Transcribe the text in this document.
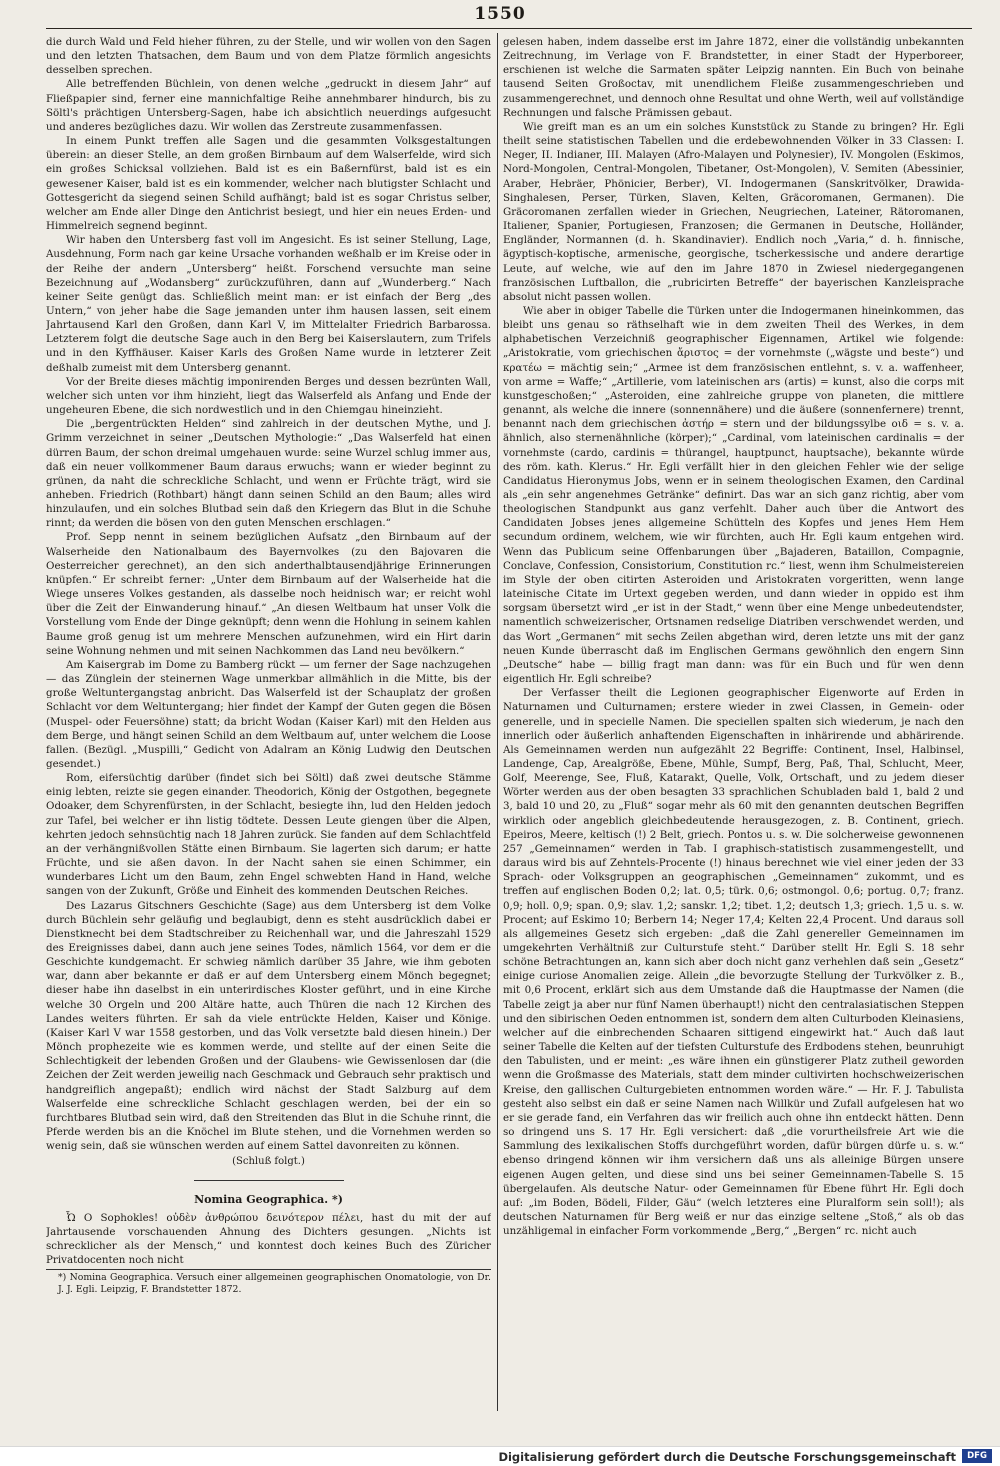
1550

die durch Wald und Feld hieher führen, zu der Stelle, und wir wollen von den Sagen und den letzten Thatsachen, dem Baum und von dem Platze förmlich angesichts desselben sprechen.

Alle betreffenden Büchlein, von denen welche „gedruckt in diesem Jahr“ auf Fließpapier sind, ferner eine mannichfaltige Reihe annehmbarer hindurch, bis zu Söltl's prächtigen Untersberg-Sagen, habe ich absichtlich neuerdings aufgesucht und anderes bezügliches dazu. Wir wollen das Zerstreute zusammenfassen.

In einem Punkt treffen alle Sagen und die gesammten Volksgestaltungen überein: an dieser Stelle, an dem großen Birnbaum auf dem Walserfelde, wird sich ein großes Schicksal vollziehen. Bald ist es ein Baßernfürst, bald ist es ein gewesener Kaiser, bald ist es ein kommender, welcher nach blutigster Schlacht und Gottesgericht da siegend seinen Schild aufhängt; bald ist es sogar Christus selber, welcher am Ende aller Dinge den Antichrist besiegt, und hier ein neues Erden- und Himmelreich segnend beginnt.

Wir haben den Untersberg fast voll im Angesicht. Es ist seiner Stellung, Lage, Ausdehnung, Form nach gar keine Ursache vorhanden weßhalb er im Kreise oder in der Reihe der andern „Untersberg“ heißt. Forschend versuchte man seine Bezeichnung auf „Wodansberg“ zurückzuführen, dann auf „Wunderberg.“ Nach keiner Seite genügt das. Schließlich meint man: er ist einfach der Berg „des Untern,“ von jeher habe die Sage jemanden unter ihm hausen lassen, seit einem Jahrtausend Karl den Großen, dann Karl V, im Mittelalter Friedrich Barbarossa. Letzterem folgt die deutsche Sage auch in den Berg bei Kaiserslautern, zum Trifels und in den Kyffhäuser. Kaiser Karls des Großen Name wurde in letzterer Zeit deßhalb zumeist mit dem Untersberg genannt.

Vor der Breite dieses mächtig imponirenden Berges und dessen bezrünten Wall, welcher sich unten vor ihm hinzieht, liegt das Walserfeld als Anfang und Ende der ungeheuren Ebene, die sich nordwestlich und in den Chiemgau hineinzieht.

Die „bergentrückten Helden“ sind zahlreich in der deutschen Mythe, und J. Grimm verzeichnet in seiner „Deutschen Mythologie:“ „Das Walserfeld hat einen dürren Baum, der schon dreimal umgehauen wurde: seine Wurzel schlug immer aus, daß ein neuer vollkommener Baum daraus erwuchs; wann er wieder beginnt zu grünen, da naht die schreckliche Schlacht, und wenn er Früchte trägt, wird sie anheben. Friedrich (Rothbart) hängt dann seinen Schild an den Baum; alles wird hinzulaufen, und ein solches Blutbad sein daß den Kriegern das Blut in die Schuhe rinnt; da werden die bösen von den guten Menschen erschlagen.“

Prof. Sepp nennt in seinem bezüglichen Aufsatz „den Birnbaum auf der Walserheide den Nationalbaum des Bayernvolkes (zu den Bajovaren die Oesterreicher gerechnet), an den sich anderthalbtausendjährige Erinnerungen knüpfen.“ Er schreibt ferner: „Unter dem Birnbaum auf der Walserheide hat die Wiege unseres Volkes gestanden, als dasselbe noch heidnisch war; er reicht wohl über die Zeit der Einwanderung hinauf.“ „An diesen Weltbaum hat unser Volk die Vorstellung vom Ende der Dinge geknüpft; denn wenn die Hohlung in seinem kahlen Baume groß genug ist um mehrere Menschen aufzunehmen, wird ein Hirt darin seine Wohnung nehmen und mit seinen Nachkommen das Land neu bevölkern.“

Am Kaisergrab im Dome zu Bamberg rückt — um ferner der Sage nachzugehen — das Zünglein der steinernen Wage unmerkbar allmählich in die Mitte, bis der große Weltuntergangstag anbricht. Das Walserfeld ist der Schauplatz der großen Schlacht vor dem Weltuntergang; hier findet der Kampf der Guten gegen die Bösen (Muspel- oder Feuersöhne) statt; da bricht Wodan (Kaiser Karl) mit den Helden aus dem Berge, und hängt seinen Schild an dem Weltbaum auf, unter welchem die Loose fallen. (Bezügl. „Muspilli,“ Gedicht von Adalram an König Ludwig den Deutschen gesendet.)

Rom, eifersüchtig darüber (findet sich bei Söltl) daß zwei deutsche Stämme einig lebten, reizte sie gegen einander. Theodorich, König der Ostgothen, begegnete Odoaker, dem Schyrenfürsten, in der Schlacht, besiegte ihn, lud den Helden jedoch zur Tafel, bei welcher er ihn listig tödtete. Dessen Leute giengen über die Alpen, kehrten jedoch sehnsüchtig nach 18 Jahren zurück. Sie fanden auf dem Schlachtfeld an der verhängnißvollen Stätte einen Birnbaum. Sie lagerten sich darum; er hatte Früchte, und sie aßen davon. In der Nacht sahen sie einen Schimmer, ein wunderbares Licht um den Baum, zehn Engel schwebten Hand in Hand, welche sangen von der Zukunft, Größe und Einheit des kommenden Deutschen Reiches.

Des Lazarus Gitschners Geschichte (Sage) aus dem Untersberg ist dem Volke durch Büchlein sehr geläufig und beglaubigt, denn es steht ausdrücklich dabei er Dienstknecht bei dem Stadtschreiber zu Reichenhall war, und die Jahreszahl 1529 des Ereignisses dabei, dann auch jene seines Todes, nämlich 1564, vor dem er die Geschichte kundgemacht. Er schwieg nämlich darüber 35 Jahre, wie ihm geboten war, dann aber bekannte er daß er auf dem Untersberg einem Mönch begegnet; dieser habe ihn daselbst in ein unterirdisches Kloster geführt, und in eine Kirche welche 30 Orgeln und 200 Altäre hatte, auch Thüren die nach 12 Kirchen des Landes weiters führten. Er sah da viele entrückte Helden, Kaiser und Könige. (Kaiser Karl V war 1558 gestorben, und das Volk versetzte bald diesen hinein.) Der Mönch prophezeite wie es kommen werde, und stellte auf der einen Seite die Schlechtigkeit der lebenden Großen und der Glaubens- wie Gewissenlosen dar (die Zeichen der Zeit werden jeweilig nach Geschmack und Gebrauch sehr praktisch und handgreiflich angepaßt); endlich wird nächst der Stadt Salzburg auf dem Walserfelde eine schreckliche Schlacht geschlagen werden, bei der ein so furchtbares Blutbad sein wird, daß den Streitenden das Blut in die Schuhe rinnt, die Pferde werden bis an die Knöchel im Blute stehen, und die Vornehmen werden so wenig sein, daß sie wünschen werden auf einem Sattel davonreiten zu können.

(Schluß folgt.)
Nomina Geographica. *)

Ὦ O Sophokles! οὐδὲν ἀνθρώπου δεινότερον πέλει, hast du mit der auf Jahrtausende vorschauenden Ahnung des Dichters gesungen. „Nichts ist schrecklicher als der Mensch,“ und konntest doch keines Buch des Züricher Privatdocenten noch nicht

*) Nomina Geographica. Versuch einer allgemeinen geographischen Onomatologie, von Dr. J. J. Egli. Leipzig, F. Brandstetter 1872.

gelesen haben, indem dasselbe erst im Jahre 1872, einer die vollständig unbekannten Zeitrechnung, im Verlage von F. Brandstetter, in einer Stadt der Hyperboreer, erschienen ist welche die Sarmaten später Leipzig nannten. Ein Buch von beinahe tausend Seiten Großoctav, mit unendlichem Fleiße zusammengeschrieben und zusammengerechnet, und dennoch ohne Resultat und ohne Werth, weil auf vollständige Rechnungen und falsche Prämissen gebaut.

Wie greift man es an um ein solches Kunststück zu Stande zu bringen? Hr. Egli theilt seine statistischen Tabellen und die erdebewohnenden Völker in 33 Classen: I. Neger, II. Indianer, III. Malayen (Afro-Malayen und Polynesier), IV. Mongolen (Eskimos, Nord-Mongolen, Central-Mongolen, Tibetaner, Ost-Mongolen), V. Semiten (Abessinier, Araber, Hebräer, Phönicier, Berber), VI. Indogermanen (Sanskritvölker, Drawida-Singhalesen, Perser, Türken, Slaven, Kelten, Gräcoromanen, Germanen). Die Gräcoromanen zerfallen wieder in Griechen, Neugriechen, Lateiner, Rätoromanen, Italiener, Spanier, Portugiesen, Franzosen; die Germanen in Deutsche, Holländer, Engländer, Normannen (d. h. Skandinavier). Endlich noch „Varia,“ d. h. finnische, ägyptisch-koptische, armenische, georgische, tscherkessische und andere derartige Leute, auf welche, wie auf den im Jahre 1870 in Zwiesel niedergegangenen französischen Luftballon, die „rubricirten Betreffe“ der bayerischen Kanzleisprache absolut nicht passen wollen.

Wie aber in obiger Tabelle die Türken unter die Indogermanen hineinkommen, das bleibt uns genau so räthselhaft wie in dem zweiten Theil des Werkes, in dem alphabetischen Verzeichniß geographischer Eigennamen, Artikel wie folgende: „Aristokratie, vom griechischen ἄριστος = der vornehmste („wägste und beste“) und κρατέω = mächtig sein;“ „Armee ist dem französischen entlehnt, s. v. a. waffenheer, von arme = Waffe;“ „Artillerie, vom lateinischen ars (artis) = kunst, also die corps mit kunstgeschoßen;“ „Asteroiden, eine zahlreiche gruppe von planeten, die mittlere genannt, als welche die innere (sonnennähere) und die äußere (sonnenfernere) trennt, benannt nach dem griechischen ἀστήρ = stern und der bildungssylbe οιδ = s. v. a. ähnlich, also sternenähnliche (körper);“ „Cardinal, vom lateinischen cardinalis = der vornehmste (cardo, cardinis = thürangel, hauptpunct, hauptsache), bekannte würde des röm. kath. Klerus.“ Hr. Egli verfällt hier in den gleichen Fehler wie der selige Candidatus Hieronymus Jobs, wenn er in seinem theologischen Examen, den Cardinal als „ein sehr angenehmes Getränke“ definirt. Das war an sich ganz richtig, aber vom theologischen Standpunkt aus ganz verfehlt. Daher auch über die Antwort des Candidaten Jobses jenes allgemeine Schütteln des Kopfes und jenes Hem Hem secundum ordinem, welchem, wie wir fürchten, auch Hr. Egli kaum entgehen wird. Wenn das Publicum seine Offenbarungen über „Bajaderen, Bataillon, Compagnie, Conclave, Confession, Consistorium, Constitution rc.“ liest, wenn ihm Schulmeistereien im Style der oben citirten Asteroiden und Aristokraten vorgeritten, wenn lange lateinische Citate im Urtext gegeben werden, und dann wieder in oppido est ihm sorgsam übersetzt wird „er ist in der Stadt,“ wenn über eine Menge unbedeutendster, namentlich schweizerischer, Ortsnamen redselige Diatriben verschwendet werden, und das Wort „Germanen“ mit sechs Zeilen abgethan wird, deren letzte uns mit der ganz neuen Kunde überrascht daß im Englischen Germans gewöhnlich den engern Sinn „Deutsche“ habe — billig fragt man dann: was für ein Buch und für wen denn eigentlich Hr. Egli schreibe?

Der Verfasser theilt die Legionen geographischer Eigenworte auf Erden in Naturnamen und Culturnamen; erstere wieder in zwei Classen, in Gemein- oder generelle, und in specielle Namen. Die speciellen spalten sich wiederum, je nach den innerlich oder äußerlich anhaftenden Eigenschaften in inhärirende und abhärirende. Als Gemeinnamen werden nun aufgezählt 22 Begriffe: Continent, Insel, Halbinsel, Landenge, Cap, Arealgröße, Ebene, Mühle, Sumpf, Berg, Paß, Thal, Schlucht, Meer, Golf, Meerenge, See, Fluß, Katarakt, Quelle, Volk, Ortschaft, und zu jedem dieser Wörter werden aus der oben besagten 33 sprachlichen Schubladen bald 1, bald 2 und 3, bald 10 und 20, zu „Fluß“ sogar mehr als 60 mit den genannten deutschen Begriffen wirklich oder angeblich gleichbedeutende herausgezogen, z. B. Continent, griech. Epeiros, Meere, keltisch (!) 2 Belt, griech. Pontos u. s. w. Die solcherweise gewonnenen 257 „Gemeinnamen“ werden in Tab. I graphisch-statistisch zusammengestellt, und daraus wird bis auf Zehntels-Procente (!) hinaus berechnet wie viel einer jeden der 33 Sprach- oder Volksgruppen an geographischen „Gemeinnamen“ zukommt, und es treffen auf englischen Boden 0,2; lat. 0,5; türk. 0,6; ostmongol. 0,6; portug. 0,7; franz. 0,9; holl. 0,9; span. 0,9; slav. 1,2; sanskr. 1,2; tibet. 1,2; deutsch 1,3; griech. 1,5 u. s. w. Procent; auf Eskimo 10; Berbern 14; Neger 17,4; Kelten 22,4 Procent. Und daraus soll als allgemeines Gesetz sich ergeben: „daß die Zahl genereller Gemeinnamen im umgekehrten Verhältniß zur Culturstufe steht.“ Darüber stellt Hr. Egli S. 18 sehr schöne Betrachtungen an, kann sich aber doch nicht ganz verhehlen daß sein „Gesetz“ einige curiose Anomalien zeige. Allein „die bevorzugte Stellung der Turkvölker z. B., mit 0,6 Procent, erklärt sich aus dem Umstande daß die Hauptmasse der Namen (die Tabelle zeigt ja aber nur fünf Namen überhaupt!) nicht den centralasiatischen Steppen und den sibirischen Oeden entnommen ist, sondern dem alten Culturboden Kleinasiens, welcher auf die einbrechenden Schaaren sittigend eingewirkt hat.“ Auch daß laut seiner Tabelle die Kelten auf der tiefsten Culturstufe des Erdbodens stehen, beunruhigt den Tabulisten, und er meint: „es wäre ihnen ein günstigerer Platz zutheil geworden wenn die Großmasse des Materials, statt dem minder cultivirten hochschweizerischen Kreise, den gallischen Culturgebieten entnommen worden wäre.“ — Hr. F. J. Tabulista gesteht also selbst ein daß er seine Namen nach Willkür und Zufall aufgelesen hat wo er sie gerade fand, ein Verfahren das wir freilich auch ohne ihn entdeckt hätten. Denn so dringend uns S. 17 Hr. Egli versichert: daß „die vorurtheilsfreie Art wie die Sammlung des lexikalischen Stoffs durchgeführt worden, dafür bürgen dürfe u. s. w.“ ebenso dringend können wir ihm versichern daß uns als alleinige Bürgen unsere eigenen Augen gelten, und diese sind uns bei seiner Gemeinnamen-Tabelle S. 15 übergelaufen. Als deutsche Natur- oder Gemeinnamen für Ebene führt Hr. Egli doch auf: „im Boden, Bödeli, Filder, Gäu“ (welch letzteres eine Pluralform sein soll!); als deutschen Naturnamen für Berg weiß er nur das einzige seltene „Stoß,“ als ob das unzähligemal in einfacher Form vorkommende „Berg,“ „Bergen“ rc. nicht auch

Digitalisierung gefördert durch die Deutsche Forschungsgemeinschaft	DFG
